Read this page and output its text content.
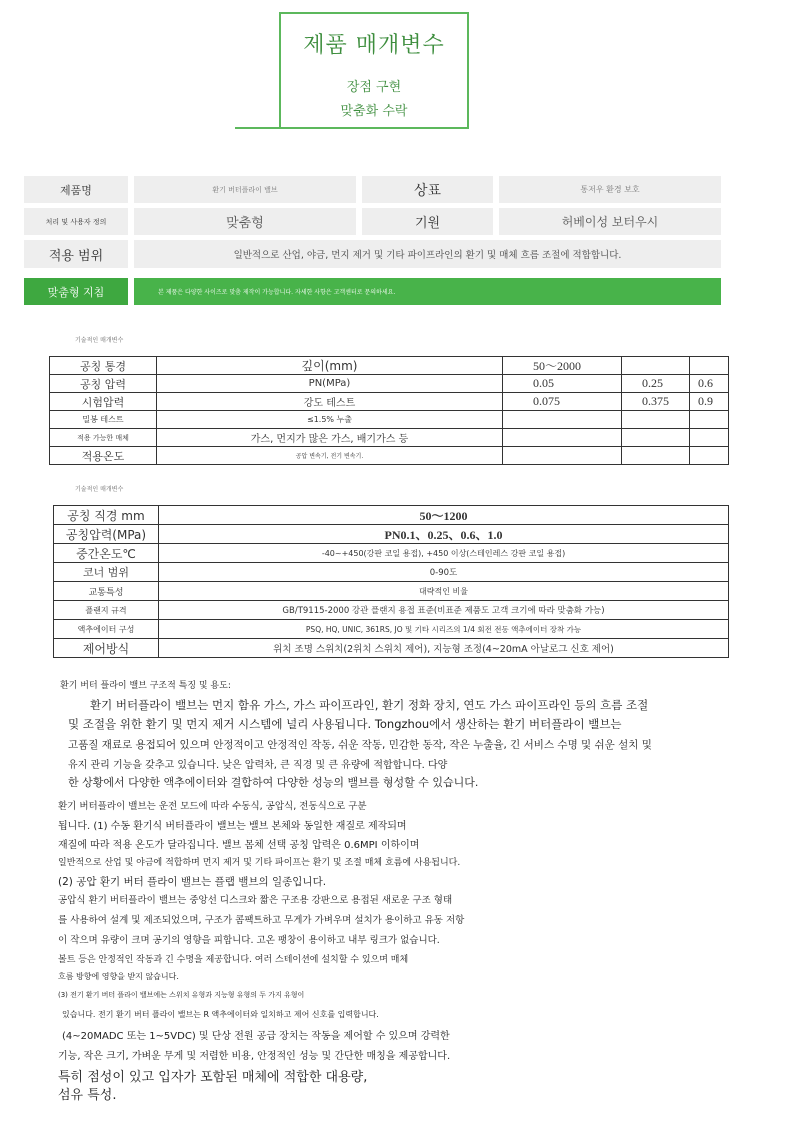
제품 매개변수
장점 구현
맞춤화 수락
제품명	환기 버터플라이 밸브	상표	통저우 환경 보호
처리 및 사용자 정의	맞춤형	기원	허베이성 보터우시
적용 범위	일반적으로 산업, 야금, 먼지 제거 및 기타 파이프라인의 환기 및 매체 흐름 조절에 적합합니다.
맞춤형 지침	본 제품은 다양한 사이즈로 맞춤 제작이 가능합니다. 자세한 사항은 고객센터로 문의하세요.
기술적인 매개변수
공칭 통경	깊이(mm)	50～2000		
공칭 압력	PN(MPa)	0.05	0.25	0.6
시험압력	강도 테스트	0.075	0.375	0.9
밀봉 테스트	≤1.5% 누출			
적용 가능한 매체	가스, 먼지가 많은 가스, 배기가스 등			
적용온도	공압 변속기, 전기 변속기.			
기술적인 매개변수
공칭 직경 mm	50～1200
공칭압력(MPa)	PN0.1、0.25、0.6、1.0
중간온도℃	-40~+450(강판 코일 용접), +450 이상(스테인레스 강판 코일 용접)
코너 범위	0-90도
교통특성	대략적인 비율
플랜지 규격	GB/T9115-2000 강관 플랜지 용접 표준(비표준 제품도 고객 크기에 따라 맞춤화 가능)
액추에이터 구성	PSQ, HQ, UNIC, 361RS, JO 및 기타 시리즈의 1/4 회전 전동 액추에이터 장착 가능
제어방식	위치 조명 스위치(2위치 스위치 제어), 지능형 조정(4~20mA 아날로그 신호 제어)
환기 버터 플라이 밸브 구조적 특징 및 용도:
환기 버터플라이 밸브는 먼지 함유 가스, 가스 파이프라인, 환기 정화 장치, 연도 가스 파이프라인 등의 흐름 조절
및 조절을 위한 환기 및 먼지 제거 시스템에 널리 사용됩니다. Tongzhou에서 생산하는 환기 버터플라이 밸브는
고품질 재료로 용접되어 있으며 안정적이고 안정적인 작동, 쉬운 작동, 민감한 동작, 작은 누출율, 긴 서비스 수명 및 쉬운 설치 및
유지 관리 기능을 갖추고 있습니다. 낮은 압력차, 큰 직경 및 큰 유량에 적합합니다. 다양
한 상황에서 다양한 액추에이터와 결합하여 다양한 성능의 밸브를 형성할 수 있습니다.
환기 버터플라이 밸브는 운전 모드에 따라 수동식, 공압식, 전동식으로 구분
됩니다. (1) 수동 환기식 버터플라이 밸브는 밸브 본체와 동일한 재질로 제작되며
재질에 따라 적용 온도가 달라집니다. 밸브 몸체 선택 공칭 압력은 0.6MPI 이하이며
일반적으로 산업 및 야금에 적합하며 먼지 제거 및 기타 파이프는 환기 및 조절 매체 흐름에 사용됩니다.
(2) 공압 환기 버터 플라이 밸브는 플랩 밸브의 일종입니다.
공압식 환기 버터플라이 밸브는 중앙선 디스크와 짧은 구조용 강판으로 용접된 새로운 구조 형태
를 사용하여 설계 및 제조되었으며, 구조가 콤팩트하고 무게가 가벼우며 설치가 용이하고 유동 저항
이 작으며 유량이 크며 공기의 영향을 피합니다. 고온 팽창이 용이하고 내부 링크가 없습니다.
볼트 등은 안정적인 작동과 긴 수명을 제공합니다. 여러 스테이션에 설치할 수 있으며 매체
흐름 방향에 영향을 받지 않습니다.
(3) 전기 환기 버터 플라이 밸브에는 스위치 유형과 지능형 유형의 두 가지 유형이
있습니다. 전기 환기 버터 플라이 밸브는 R 액추에이터와 일치하고 제어 신호를 입력합니다.
(4~20MADC 또는 1~5VDC) 및 단상 전원 공급 장치는 작동을 제어할 수 있으며 강력한
기능, 작은 크기, 가벼운 무게 및 저렴한 비용, 안정적인 성능 및 간단한 매칭을 제공합니다.
특히 점성이 있고 입자가 포함된 매체에 적합한 대용량,
섬유 특성.
